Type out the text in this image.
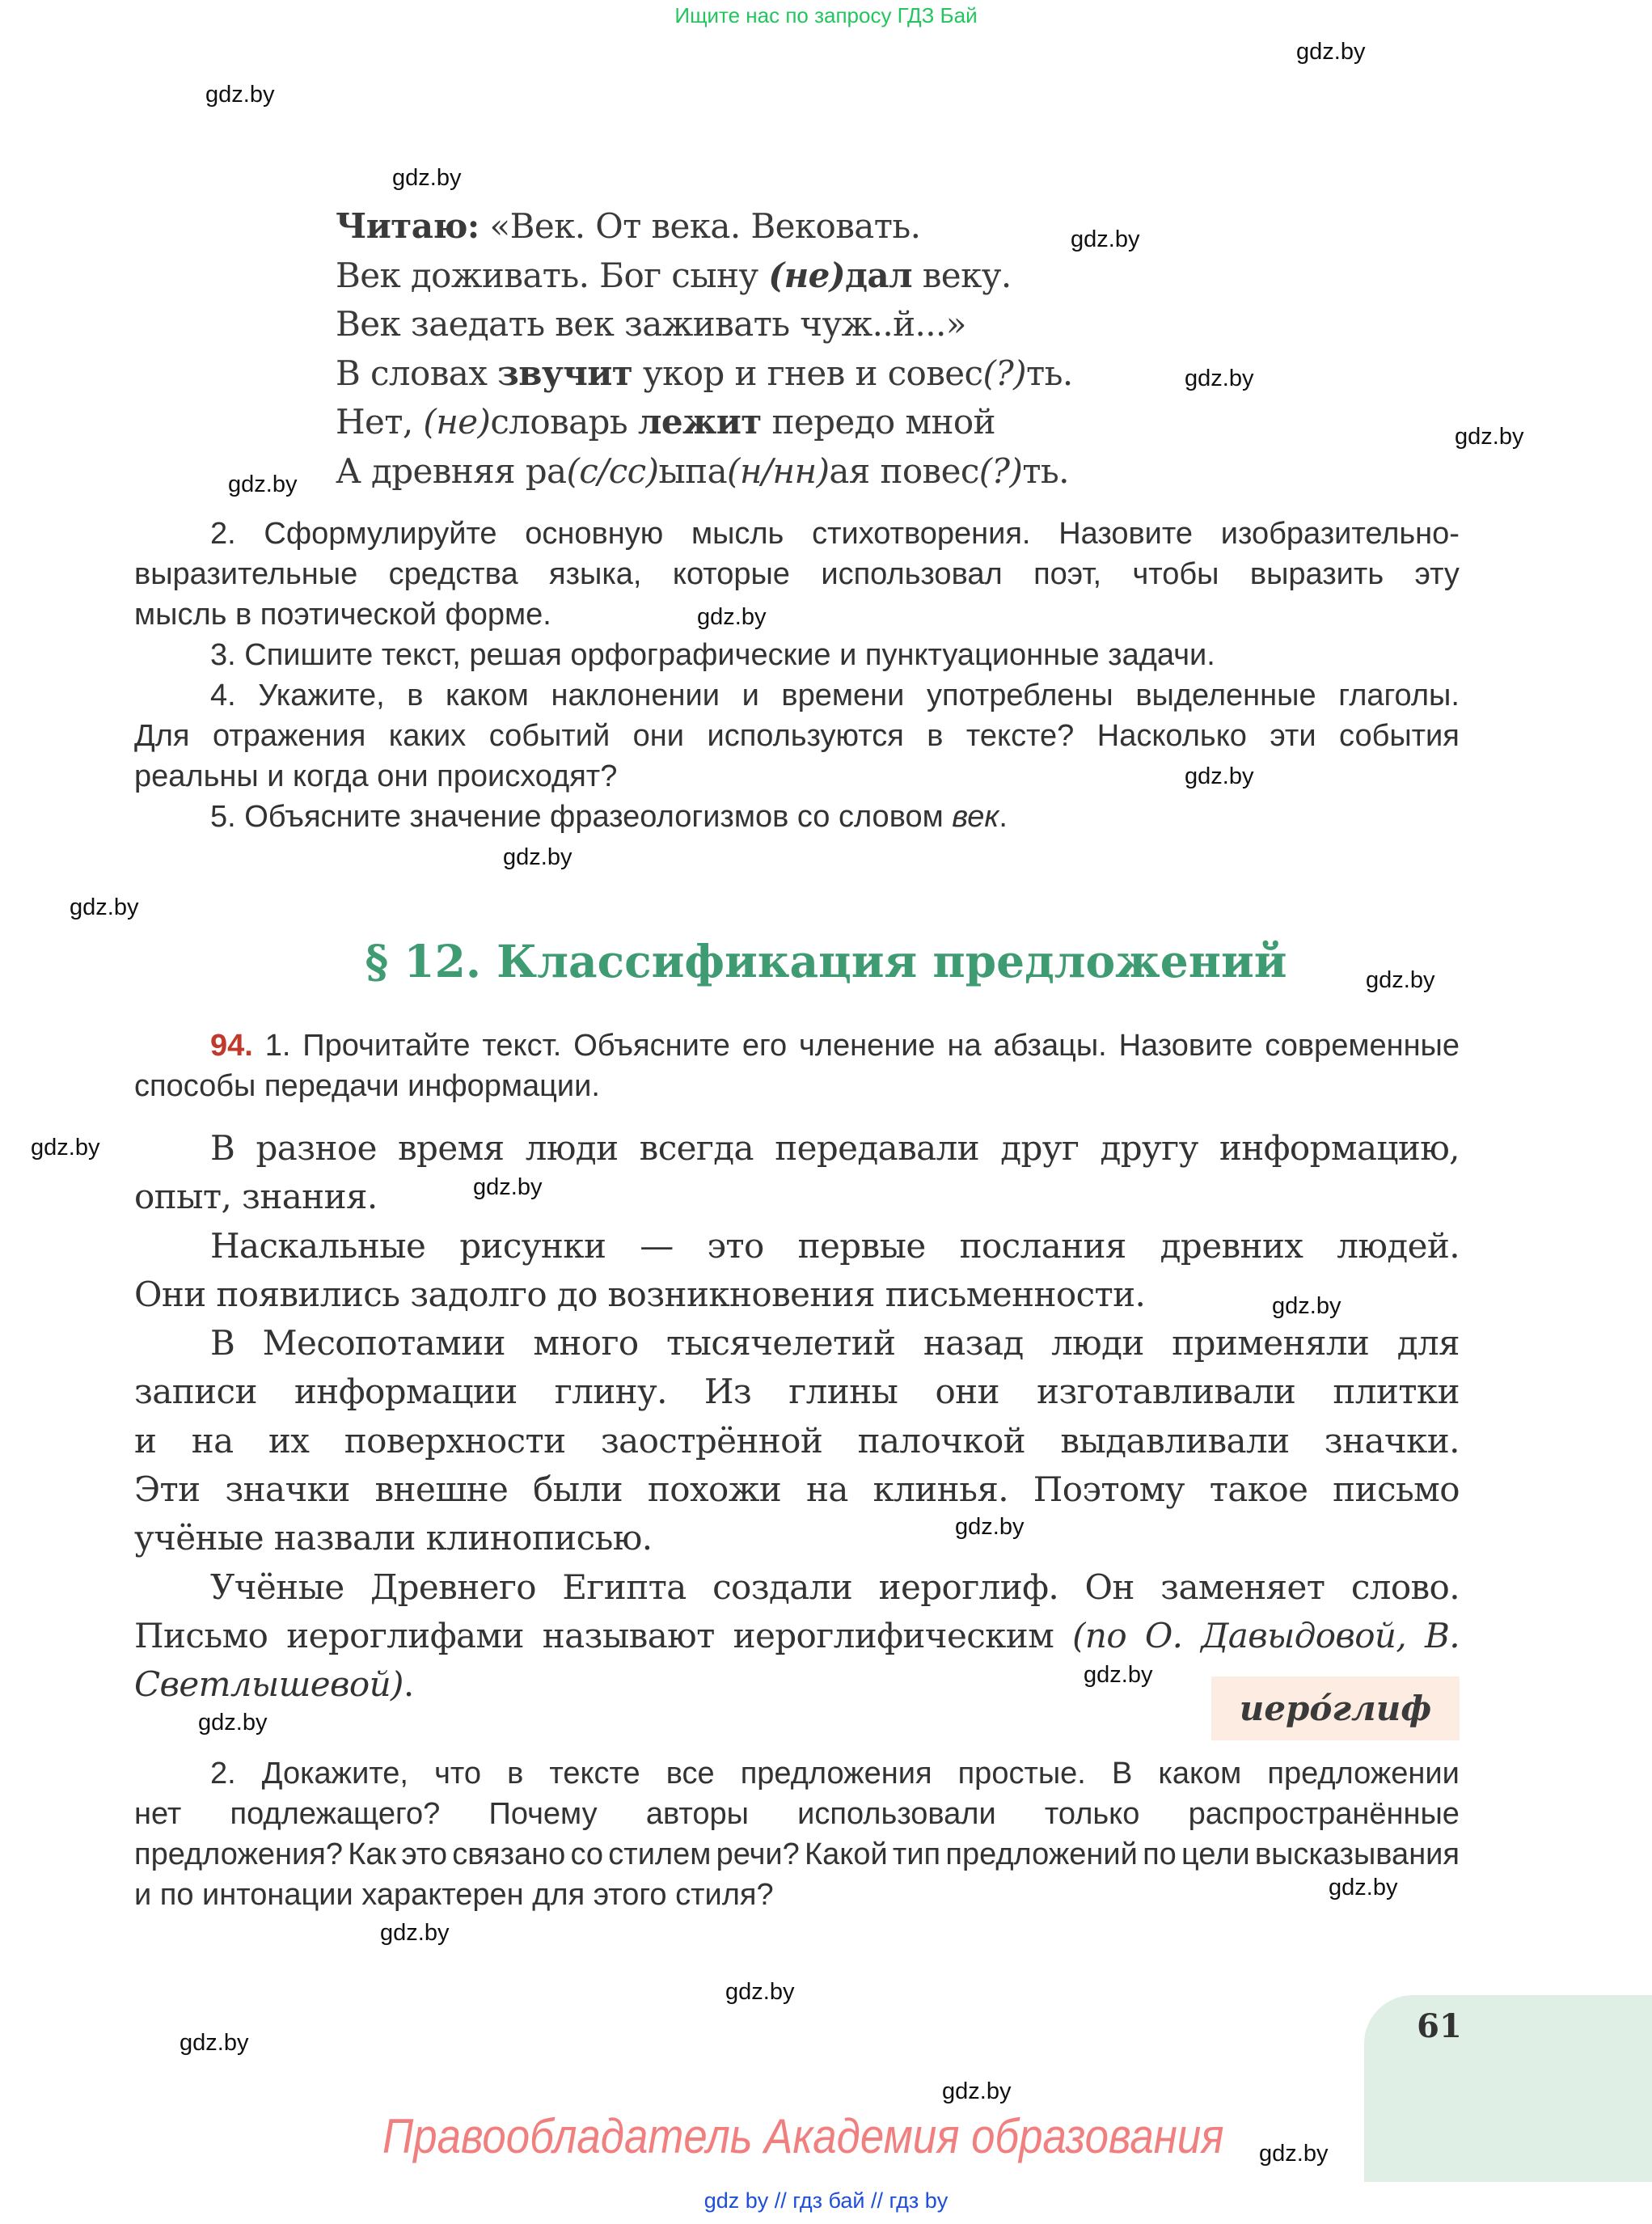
Ищите нас по запросу ГДЗ Бай
Читаю: «Век. От века. Вековать.
Век доживать. Бог сыну (не)дал веку.
Век заедать век заживать чуж..й...»
В словах звучит укор и гнев и совес(?)ть.
Нет, (не)словарь лежит передо мной
А древняя ра(с/сс)ыпа(н/нн)ая повес(?)ть.

2. Сформулируйте основную мысль стихотворения. Назовите изобразительно-
выразительные средства языка, которые использовал поэт, чтобы выразить эту
мысль в поэтической форме.

3. Спишите текст, решая орфографические и пунктуационные задачи.

4. Укажите, в каком наклонении и времени употреблены выделенные глаголы.
Для отражения каких событий они используются в тексте? Насколько эти события
реальны и когда они происходят?

5. Объясните значение фразеологизмов со словом век.

§ 12. Классификация предложений

94. 1. Прочитайте текст. Объясните его членение на абзацы. Назовите современные способы передачи информации.

В разное время люди всегда передавали друг другу информацию,
опыт, знания.

Наскальные рисунки — это первые послания древних людей.
Они появились задолго до возникновения письменности.

В Месопотамии много тысячелетий назад люди применяли для
записи информации глину. Из глины они изготавливали плитки
и на их поверхности заострённой палочкой выдавливали значки.
Эти значки внешне были похожи на клинья. Поэтому такое письмо
учёные назвали клинописью.

Учёные Древнего Египта создали иероглиф. Он заменяет слово. Письмо иероглифами называют иероглифическим (по О. Давыдовой, В. Светлышевой).

иеро́глиф

2. Докажите, что в тексте все предложения простые. В каком предложении
нет подлежащего? Почему авторы использовали только распространённые
предложения? Как это связано со стилем речи? Какой тип предложений по цели высказывания
и по интонации характерен для этого стиля?

61
Правообладатель Академия образования
gdz by // гдз бай // гдз by
gdz.by
gdz.by
gdz.by
gdz.by
gdz.by
gdz.by
gdz.by
gdz.by
gdz.by
gdz.by
gdz.by
gdz.by
gdz.by
gdz.by
gdz.by
gdz.by
gdz.by
gdz.by
gdz.by
gdz.by
gdz.by
gdz.by
gdz.by
gdz.by
